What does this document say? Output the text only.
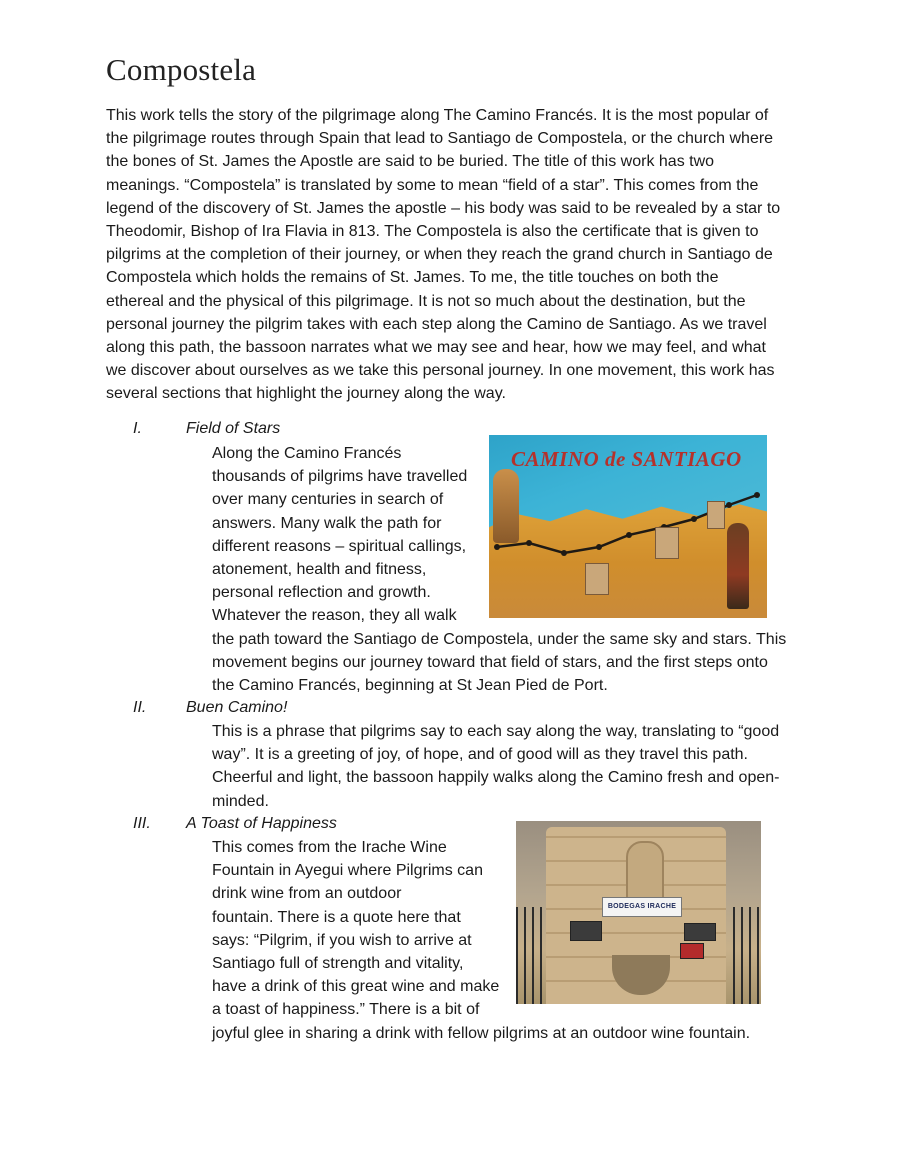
Compostela

This work tells the story of the pilgrimage along The Camino Francés. It is the most popular of
the pilgrimage routes through Spain that lead to Santiago de Compostela, or the church where
the bones of St. James the Apostle are said to be buried. The title of this work has two
meanings. “Compostela” is translated by some to mean “field of a star”. This comes from the
legend of the discovery of St. James the apostle – his body was said to be revealed by a star to
Theodomir, Bishop of Ira Flavia in 813. The Compostela is also the certificate that is given to
pilgrims at the completion of their journey, or when they reach the grand church in Santiago de
Compostela which holds the remains of St. James. To me, the title touches on both the
ethereal and the physical of this pilgrimage. It is not so much about the destination, but the
personal journey the pilgrim takes with each step along the Camino de Santiago. As we travel
along this path, the bassoon narrates what we may see and hear, how we may feel, and what
we discover about ourselves as we take this personal journey. In one movement, this work has
several sections that highlight the journey along the way.

I.	Field of Stars

Along the Camino Francés
thousands of pilgrims have travelled
over many centuries in search of
answers. Many walk the path for
different reasons – spiritual callings,
atonement, health and fitness,
personal reflection and growth.
Whatever the reason, they all walk
the path toward the Santiago de Compostela, under the same sky and stars. This
movement begins our journey toward that field of stars, and the first steps onto
the Camino Francés, beginning at St Jean Pied de Port.

CAMINO de SANTIAGO
II. Buen Camino!

This is a phrase that pilgrims say to each say along the way, translating to “good
way”. It is a greeting of joy, of hope, and of good will as they travel this path.
Cheerful and light, the bassoon happily walks along the Camino fresh and open-
minded.

III. A Toast of Happiness

This comes from the Irache Wine
Fountain in Ayegui where Pilgrims can
drink wine from an outdoor
fountain. There is a quote here that
says: “Pilgrim, if you wish to arrive at
Santiago full of strength and vitality,
have a drink of this great wine and make
a toast of happiness.” There is a bit of
joyful glee in sharing a drink with fellow pilgrims at an outdoor wine fountain.

BODEGAS IRACHE
